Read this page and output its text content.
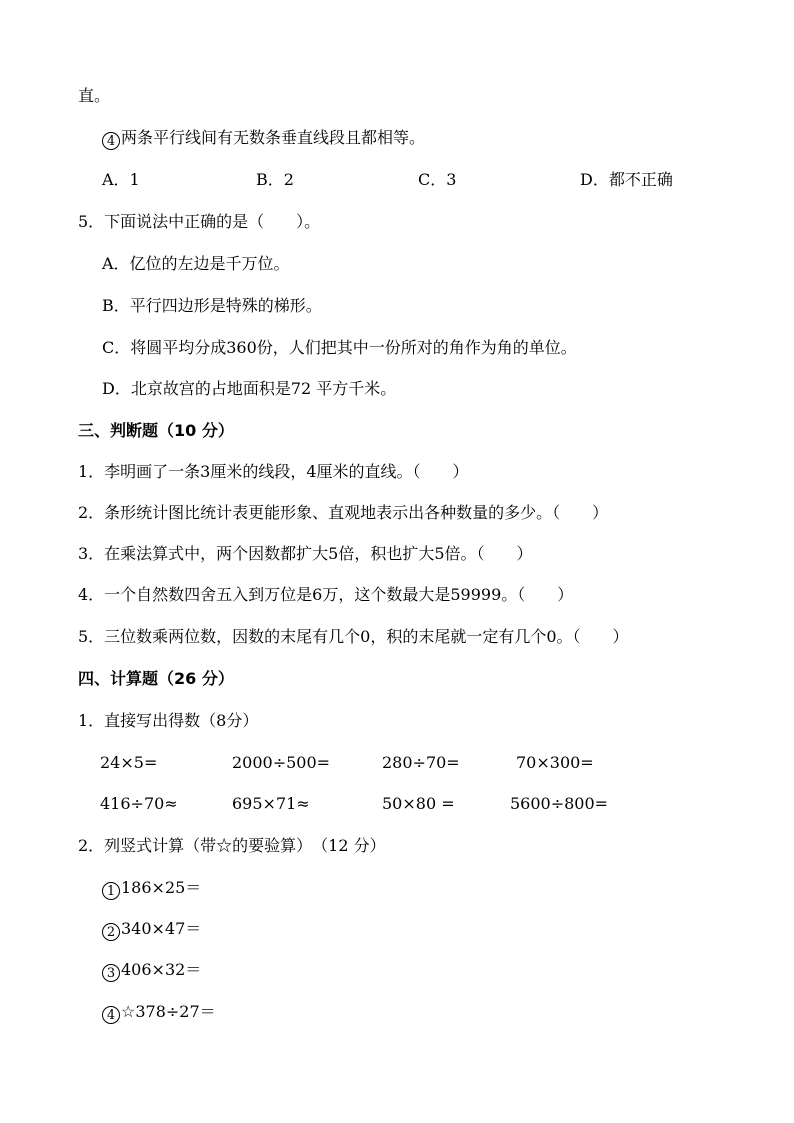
直。
4 两条平行线间有无数条垂直线段且都相等。
A．1	B．2	C．3	D．都不正确
5．下面说法中正确的是（　　）。
A．亿位的左边是千万位。
B．平行四边形是特殊的梯形。
C．将圆平均分成360份，人们把其中一份所对的角作为角的单位。
D．北京故宫的占地面积是72 平方千米。
三、判断题（10 分）
1．李明画了一条3厘米的线段，4厘米的直线。（　　）
2．条形统计图比统计表更能形象、直观地表示出各种数量的多少。（　　）
3．在乘法算式中，两个因数都扩大5倍，积也扩大5倍。（　　）
4．一个自然数四舍五入到万位是6万，这个数最大是59999。（　　）
5．三位数乘两位数，因数的末尾有几个0，积的末尾就一定有几个0。（　　）
四、计算题（26 分）
1．直接写出得数（8分）
24×5=	2000÷500=	280÷70=	70×300=
416÷70≈	695×71≈	50×80 =	5600÷800=
2．列竖式计算（带☆的要验算）　（12 分）
1 186×25＝
2 340×47＝
3 406×32＝
4 ☆378÷27＝
